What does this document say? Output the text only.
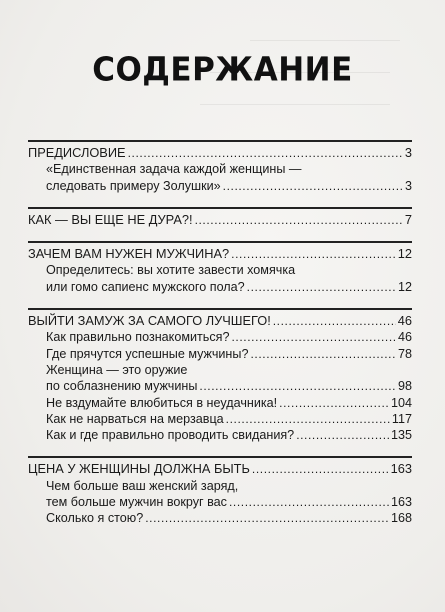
СОДЕРЖАНИЕ
ПРЕДИСЛОВИЕ .....	3
«Единственная задача каждой женщины —
следовать примеру Золушки» .....	3
КАК — ВЫ ЕЩЕ НЕ ДУРА?! .....	7
ЗАЧЕМ ВАМ НУЖЕН МУЖЧИНА? .....	12
Определитесь: вы хотите завести хомячка
или гомо сапиенс мужского пола? .....	12
ВЫЙТИ ЗАМУЖ ЗА САМОГО ЛУЧШЕГО! .....	46
Как правильно познакомиться? .....	46
Где прячутся успешные мужчины? .....	78
Женщина — это оружие
по соблазнению мужчины .....	98
Не вздумайте влюбиться в неудачника! .....	104
Как не нарваться на мерзавца .....	117
Как и где правильно проводить свидания? .....	135
ЦЕНА У ЖЕНЩИНЫ ДОЛЖНА БЫТЬ .....	163
Чем больше ваш женский заряд,
тем больше мужчин вокруг вас .....	163
Сколько я стою? .....	168
